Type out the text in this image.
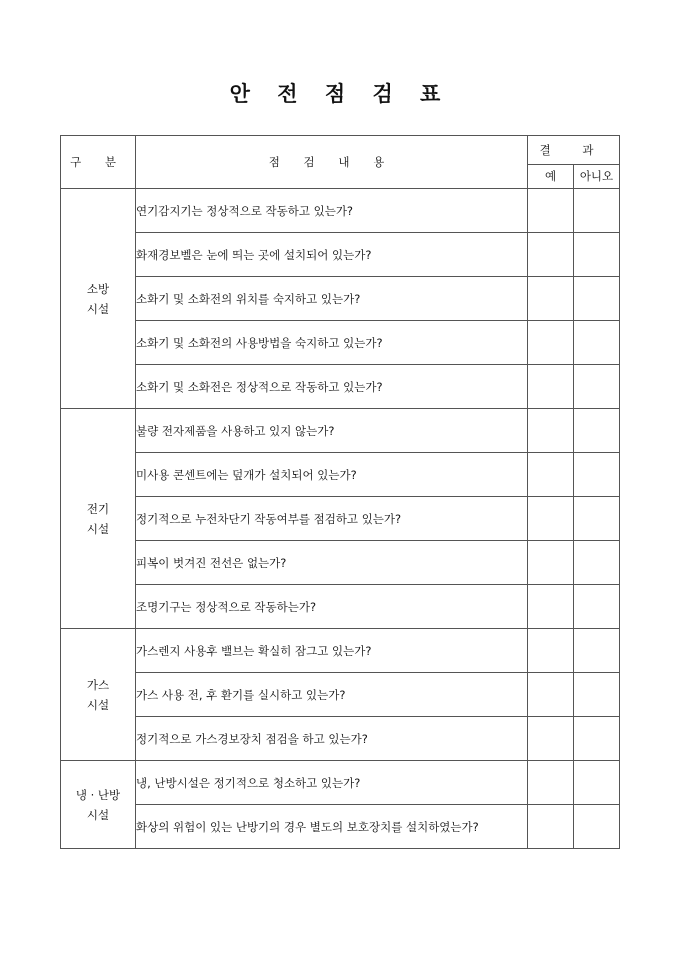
안 전 점 검 표
구 분	점 검 내 용	결 과	
		예	아니오
소방
시설	연기감지기는 정상적으로 작동하고 있는가?		
	화재경보벨은 눈에 띄는 곳에 설치되어 있는가?		
	소화기 및 소화전의 위치를 숙지하고 있는가?		
	소화기 및 소화전의 사용방법을 숙지하고 있는가?		
	소화기 및 소화전은 정상적으로 작동하고 있는가?		
전기
시설	불량 전자제품을 사용하고 있지 않는가?		
	미사용 콘센트에는 덮개가 설치되어 있는가?		
	정기적으로 누전차단기 작동여부를 점검하고 있는가?		
	피복이 벗겨진 전선은 없는가?		
	조명기구는 정상적으로 작동하는가?		
가스
시설	가스렌지 사용후 밸브는 확실히 잠그고 있는가?		
	가스 사용 전, 후 환기를 실시하고 있는가?		
	정기적으로 가스경보장치 점검을 하고 있는가?		
냉 · 난방
시설	냉, 난방시설은 정기적으로 청소하고 있는가?		
	화상의 위험이 있는 난방기의 경우 별도의 보호장치를 설치하였는가?		
